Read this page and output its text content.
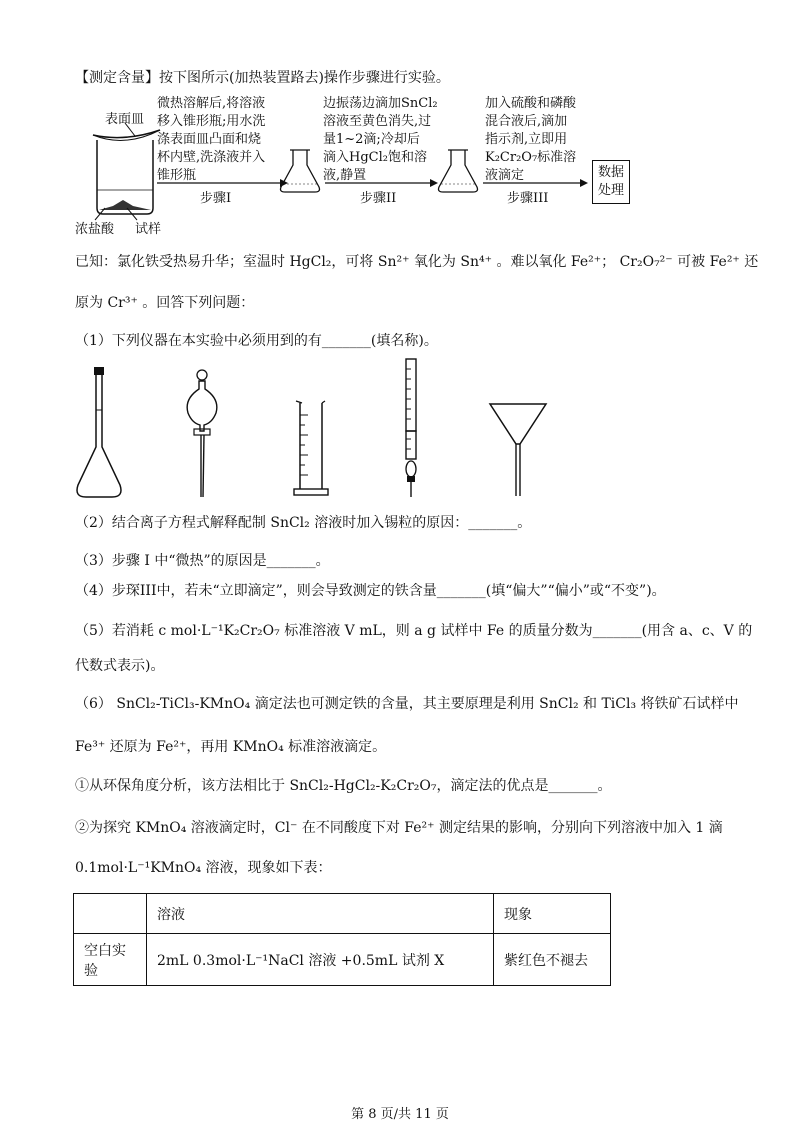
【测定含量】按下图所示(加热装置路去)操作步骤进行实验。
表面皿
浓盐酸 试样
微热溶解后,将溶液
移入锥形瓶;用水洗
涤表面皿凸面和烧
杯内壁,洗涤液并入
锥形瓶
步骤I
边振荡边滴加SnCl₂
溶液至黄色消失,过
量1~2滴;冷却后
滴入HgCl₂饱和溶
液,静置
步骤II
加入硫酸和磷酸
混合液后,滴加
指示剂,立即用
K₂Cr₂O₇标准溶
液滴定
步骤III
数据
处理
已知：氯化铁受热易升华；室温时 HgCl₂，可将 Sn²⁺ 氧化为 Sn⁴⁺ 。难以氧化 Fe²⁺； Cr₂O₇²⁻ 可被 Fe²⁺ 还
原为 Cr³⁺ 。回答下列问题：
（1）下列仪器在本实验中必须用到的有_______(填名称)。
（2）结合离子方程式解释配制 SnCl₂ 溶液时加入锡粒的原因：_______。
（3）步骤 I 中“微热”的原因是_______。
（4）步琛III中，若未“立即滴定”，则会导致测定的铁含量_______(填“偏大”“偏小”或“不变”)。
（5）若消耗 c mol·L⁻¹K₂Cr₂O₇ 标准溶液 V mL，则 a g 试样中 Fe 的质量分数为_______(用含 a、c、V 的
代数式表示)。
（6） SnCl₂-TiCl₃-KMnO₄ 滴定法也可测定铁的含量，其主要原理是利用 SnCl₂ 和 TiCl₃ 将铁矿石试样中
Fe³⁺ 还原为 Fe²⁺，再用 KMnO₄ 标准溶液滴定。
①从环保角度分析，该方法相比于 SnCl₂-HgCl₂-K₂Cr₂O₇，滴定法的优点是_______。
②为探究 KMnO₄ 溶液滴定时，Cl⁻ 在不同酸度下对 Fe²⁺ 测定结果的影响，分别向下列溶液中加入 1 滴
0.1mol·L⁻¹KMnO₄ 溶液，现象如下表：
	溶液	现象
空白实验	2mL 0.3mol·L⁻¹NaCl 溶液 +0.5mL 试剂 X	紫红色不褪去
第 8 页/共 11 页
